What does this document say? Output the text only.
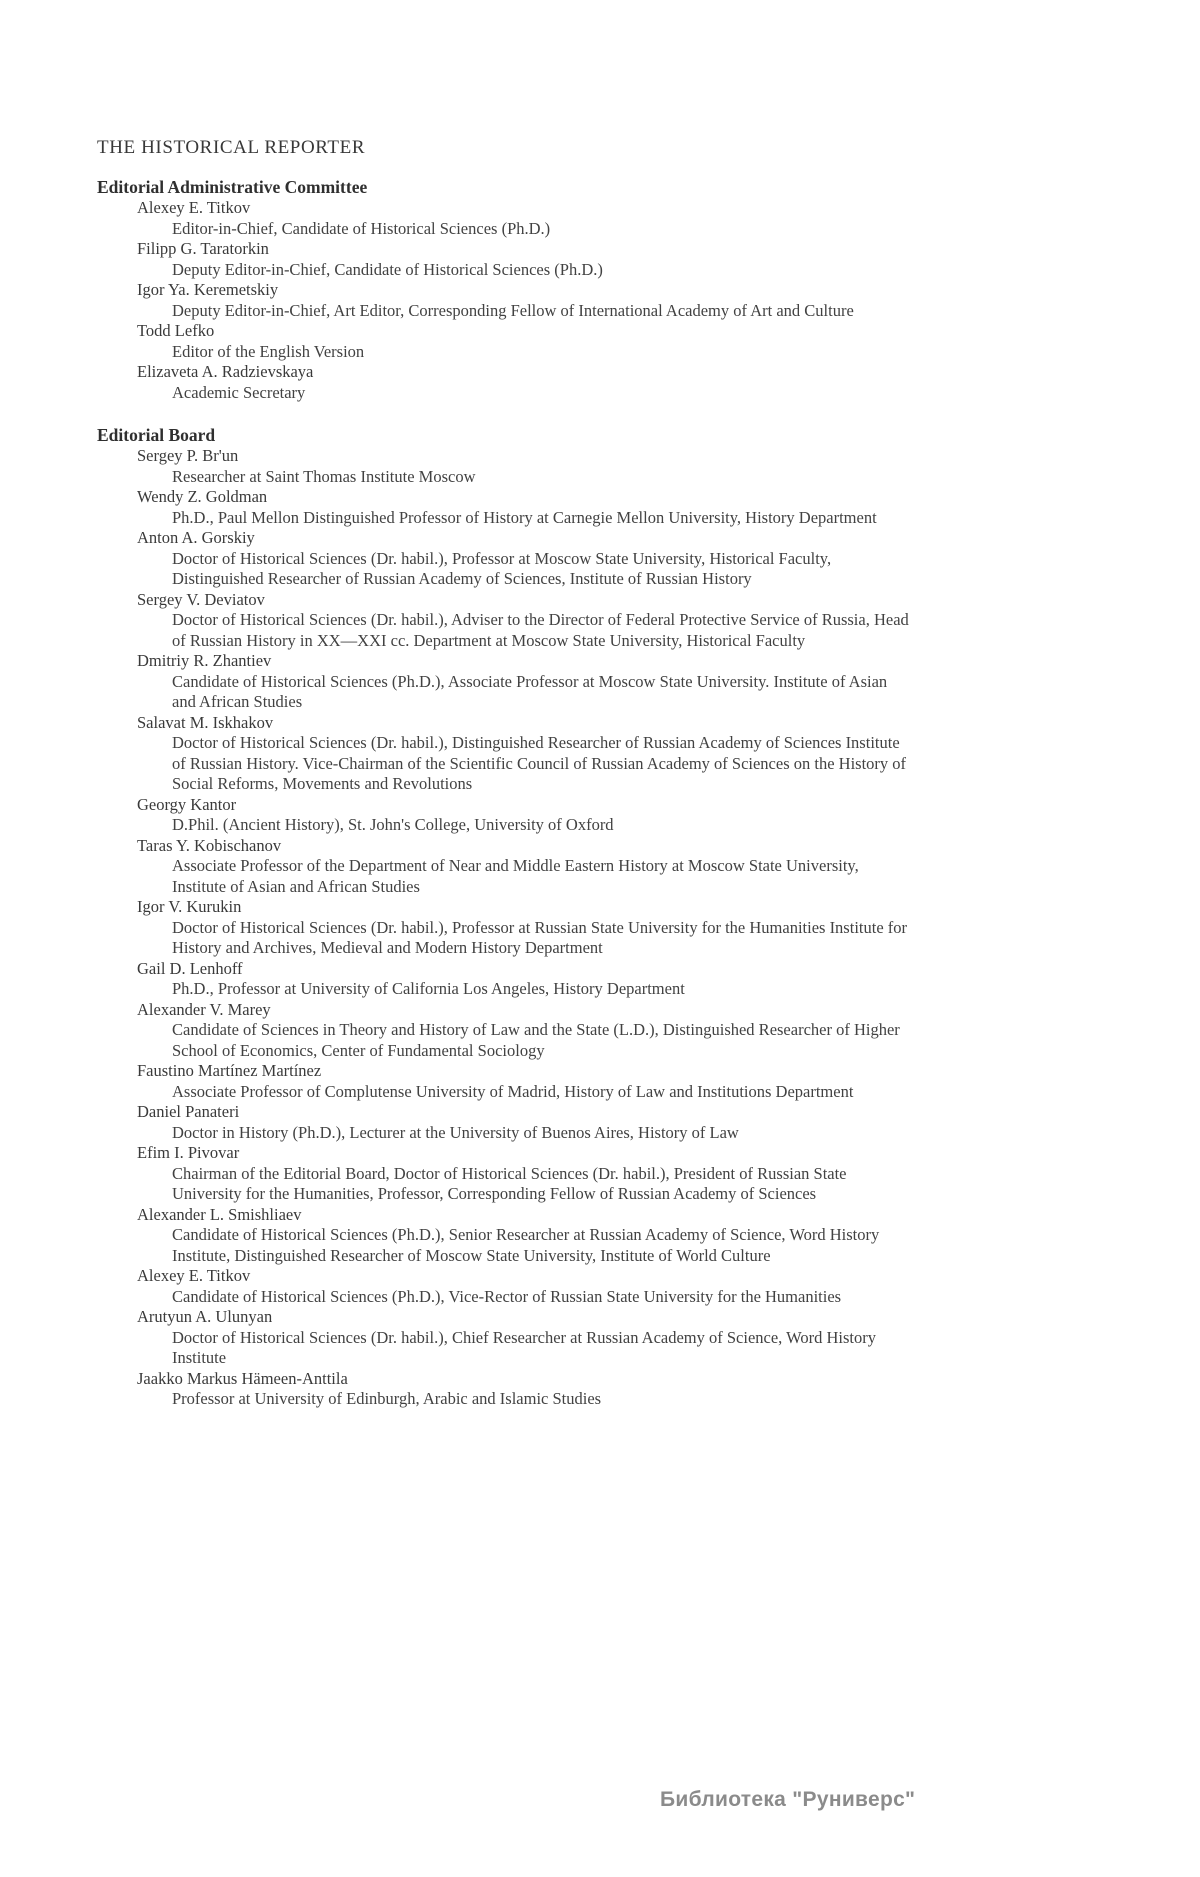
THE HISTORICAL REPORTER
Editorial Administrative Committee
Alexey E. Titkov
Editor-in-Chief, Candidate of Historical Sciences (Ph.D.)
Filipp G. Taratorkin
Deputy Editor-in-Chief, Candidate of Historical Sciences (Ph.D.)
Igor Ya. Keremetskiy
Deputy Editor-in-Chief, Art Editor, Corresponding Fellow of International Academy of Art and Culture
Todd Lefko
Editor of the English Version
Elizaveta A. Radzievskaya
Academic Secretary
Editorial Board
Sergey P. Br'un
Researcher at Saint Thomas Institute Moscow
Wendy Z. Goldman
Ph.D., Paul Mellon Distinguished Professor of History at Carnegie Mellon University, History Department
Anton A. Gorskiy
Doctor of Historical Sciences (Dr. habil.), Professor at Moscow State University, Historical Faculty, Distinguished Researcher of Russian Academy of Sciences, Institute of Russian History
Sergey V. Deviatov
Doctor of Historical Sciences (Dr. habil.), Adviser to the Director of Federal Protective Service of Russia, Head of Russian History in XX—XXI cc. Department at Moscow State University, Historical Faculty
Dmitriy R. Zhantiev
Candidate of Historical Sciences (Ph.D.), Associate Professor at Moscow State University. Institute of Asian and African Studies
Salavat M. Iskhakov
Doctor of Historical Sciences (Dr. habil.), Distinguished Researcher of Russian Academy of Sciences Institute of Russian History. Vice-Chairman of the Scientific Council of Russian Academy of Sciences on the History of Social Reforms, Movements and Revolutions
Georgy Kantor
D.Phil. (Ancient History), St. John's College, University of Oxford
Taras Y. Kobischanov
Associate Professor of the Department of Near and Middle Eastern History at Moscow State University, Institute of Asian and African Studies
Igor V. Kurukin
Doctor of Historical Sciences (Dr. habil.), Professor at Russian State University for the Humanities Institute for History and Archives, Medieval and Modern History Department
Gail D. Lenhoff
Ph.D., Professor at University of California Los Angeles, History Department
Alexander V. Marey
Candidate of Sciences in Theory and History of Law and the State (L.D.), Distinguished Researcher of Higher School of Economics, Center of Fundamental Sociology
Faustino Martínez Martínez
Associate Professor of Complutense University of Madrid, History of Law and Institutions Department
Daniel Panateri
Doctor in History (Ph.D.), Lecturer at the University of Buenos Aires, History of Law
Efim I. Pivovar
Chairman of the Editorial Board, Doctor of Historical Sciences (Dr. habil.), President of Russian State University for the Humanities, Professor, Corresponding Fellow of Russian Academy of Sciences
Alexander L. Smishliaev
Candidate of Historical Sciences (Ph.D.), Senior Researcher at Russian Academy of Science, Word History Institute, Distinguished Researcher of Moscow State University, Institute of World Culture
Alexey E. Titkov
Candidate of Historical Sciences (Ph.D.), Vice-Rector of Russian State University for the Humanities
Arutyun A. Ulunyan
Doctor of Historical Sciences (Dr. habil.), Chief Researcher at Russian Academy of Science, Word History Institute
Jaakko Markus Hämeen-Anttila
Professor at University of Edinburgh, Arabic and Islamic Studies
Библиотека "Руниверс"
